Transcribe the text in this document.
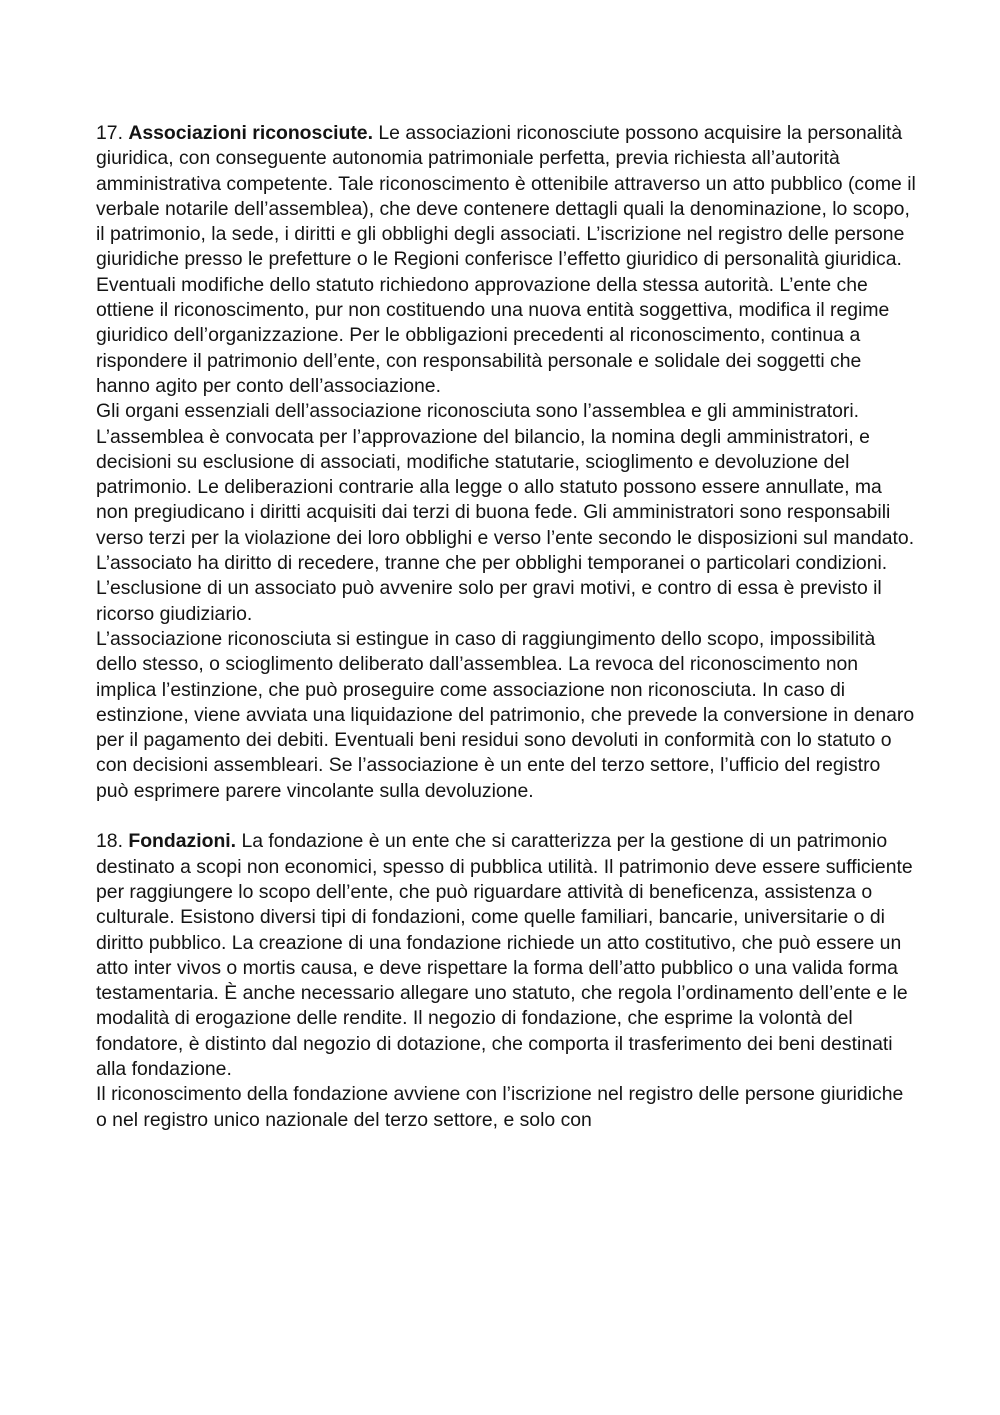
17. Associazioni riconosciute. Le associazioni riconosciute possono acquisire la personalità giuridica, con conseguente autonomia patrimoniale perfetta, previa richiesta all’autorità amministrativa competente. Tale riconoscimento è ottenibile attraverso un atto pubblico (come il verbale notarile dell’assemblea), che deve contenere dettagli quali la denominazione, lo scopo, il patrimonio, la sede, i diritti e gli obblighi degli associati. L’iscrizione nel registro delle persone giuridiche presso le prefetture o le Regioni conferisce l’effetto giuridico di personalità giuridica. Eventuali modifiche dello statuto richiedono approvazione della stessa autorità. L’ente che ottiene il riconoscimento, pur non costituendo una nuova entità soggettiva, modifica il regime giuridico dell’organizzazione. Per le obbligazioni precedenti al riconoscimento, continua a rispondere il patrimonio dell’ente, con responsabilità personale e solidale dei soggetti che hanno agito per conto dell’associazione.

Gli organi essenziali dell’associazione riconosciuta sono l’assemblea e gli amministratori. L’assemblea è convocata per l’approvazione del bilancio, la nomina degli amministratori, e decisioni su esclusione di associati, modifiche statutarie, scioglimento e devoluzione del patrimonio. Le deliberazioni contrarie alla legge o allo statuto possono essere annullate, ma non pregiudicano i diritti acquisiti dai terzi di buona fede. Gli amministratori sono responsabili verso terzi per la violazione dei loro obblighi e verso l’ente secondo le disposizioni sul mandato. L’associato ha diritto di recedere, tranne che per obblighi temporanei o particolari condizioni. L’esclusione di un associato può avvenire solo per gravi motivi, e contro di essa è previsto il ricorso giudiziario.

L’associazione riconosciuta si estingue in caso di raggiungimento dello scopo, impossibilità dello stesso, o scioglimento deliberato dall’assemblea. La revoca del riconoscimento non implica l’estinzione, che può proseguire come associazione non riconosciuta. In caso di estinzione, viene avviata una liquidazione del patrimonio, che prevede la conversione in denaro per il pagamento dei debiti. Eventuali beni residui sono devoluti in conformità con lo statuto o con decisioni assembleari. Se l’associazione è un ente del terzo settore, l’ufficio del registro può esprimere parere vincolante sulla devoluzione.

18. Fondazioni. La fondazione è un ente che si caratterizza per la gestione di un patrimonio destinato a scopi non economici, spesso di pubblica utilità. Il patrimonio deve essere sufficiente per raggiungere lo scopo dell’ente, che può riguardare attività di beneficenza, assistenza o culturale. Esistono diversi tipi di fondazioni, come quelle familiari, bancarie, universitarie o di diritto pubblico. La creazione di una fondazione richiede un atto costitutivo, che può essere un atto inter vivos o mortis causa, e deve rispettare la forma dell’atto pubblico o una valida forma testamentaria. È anche necessario allegare uno statuto, che regola l’ordinamento dell’ente e le modalità di erogazione delle rendite. Il negozio di fondazione, che esprime la volontà del fondatore, è distinto dal negozio di dotazione, che comporta il trasferimento dei beni destinati alla fondazione.

Il riconoscimento della fondazione avviene con l’iscrizione nel registro delle persone giuridiche o nel registro unico nazionale del terzo settore, e solo con
